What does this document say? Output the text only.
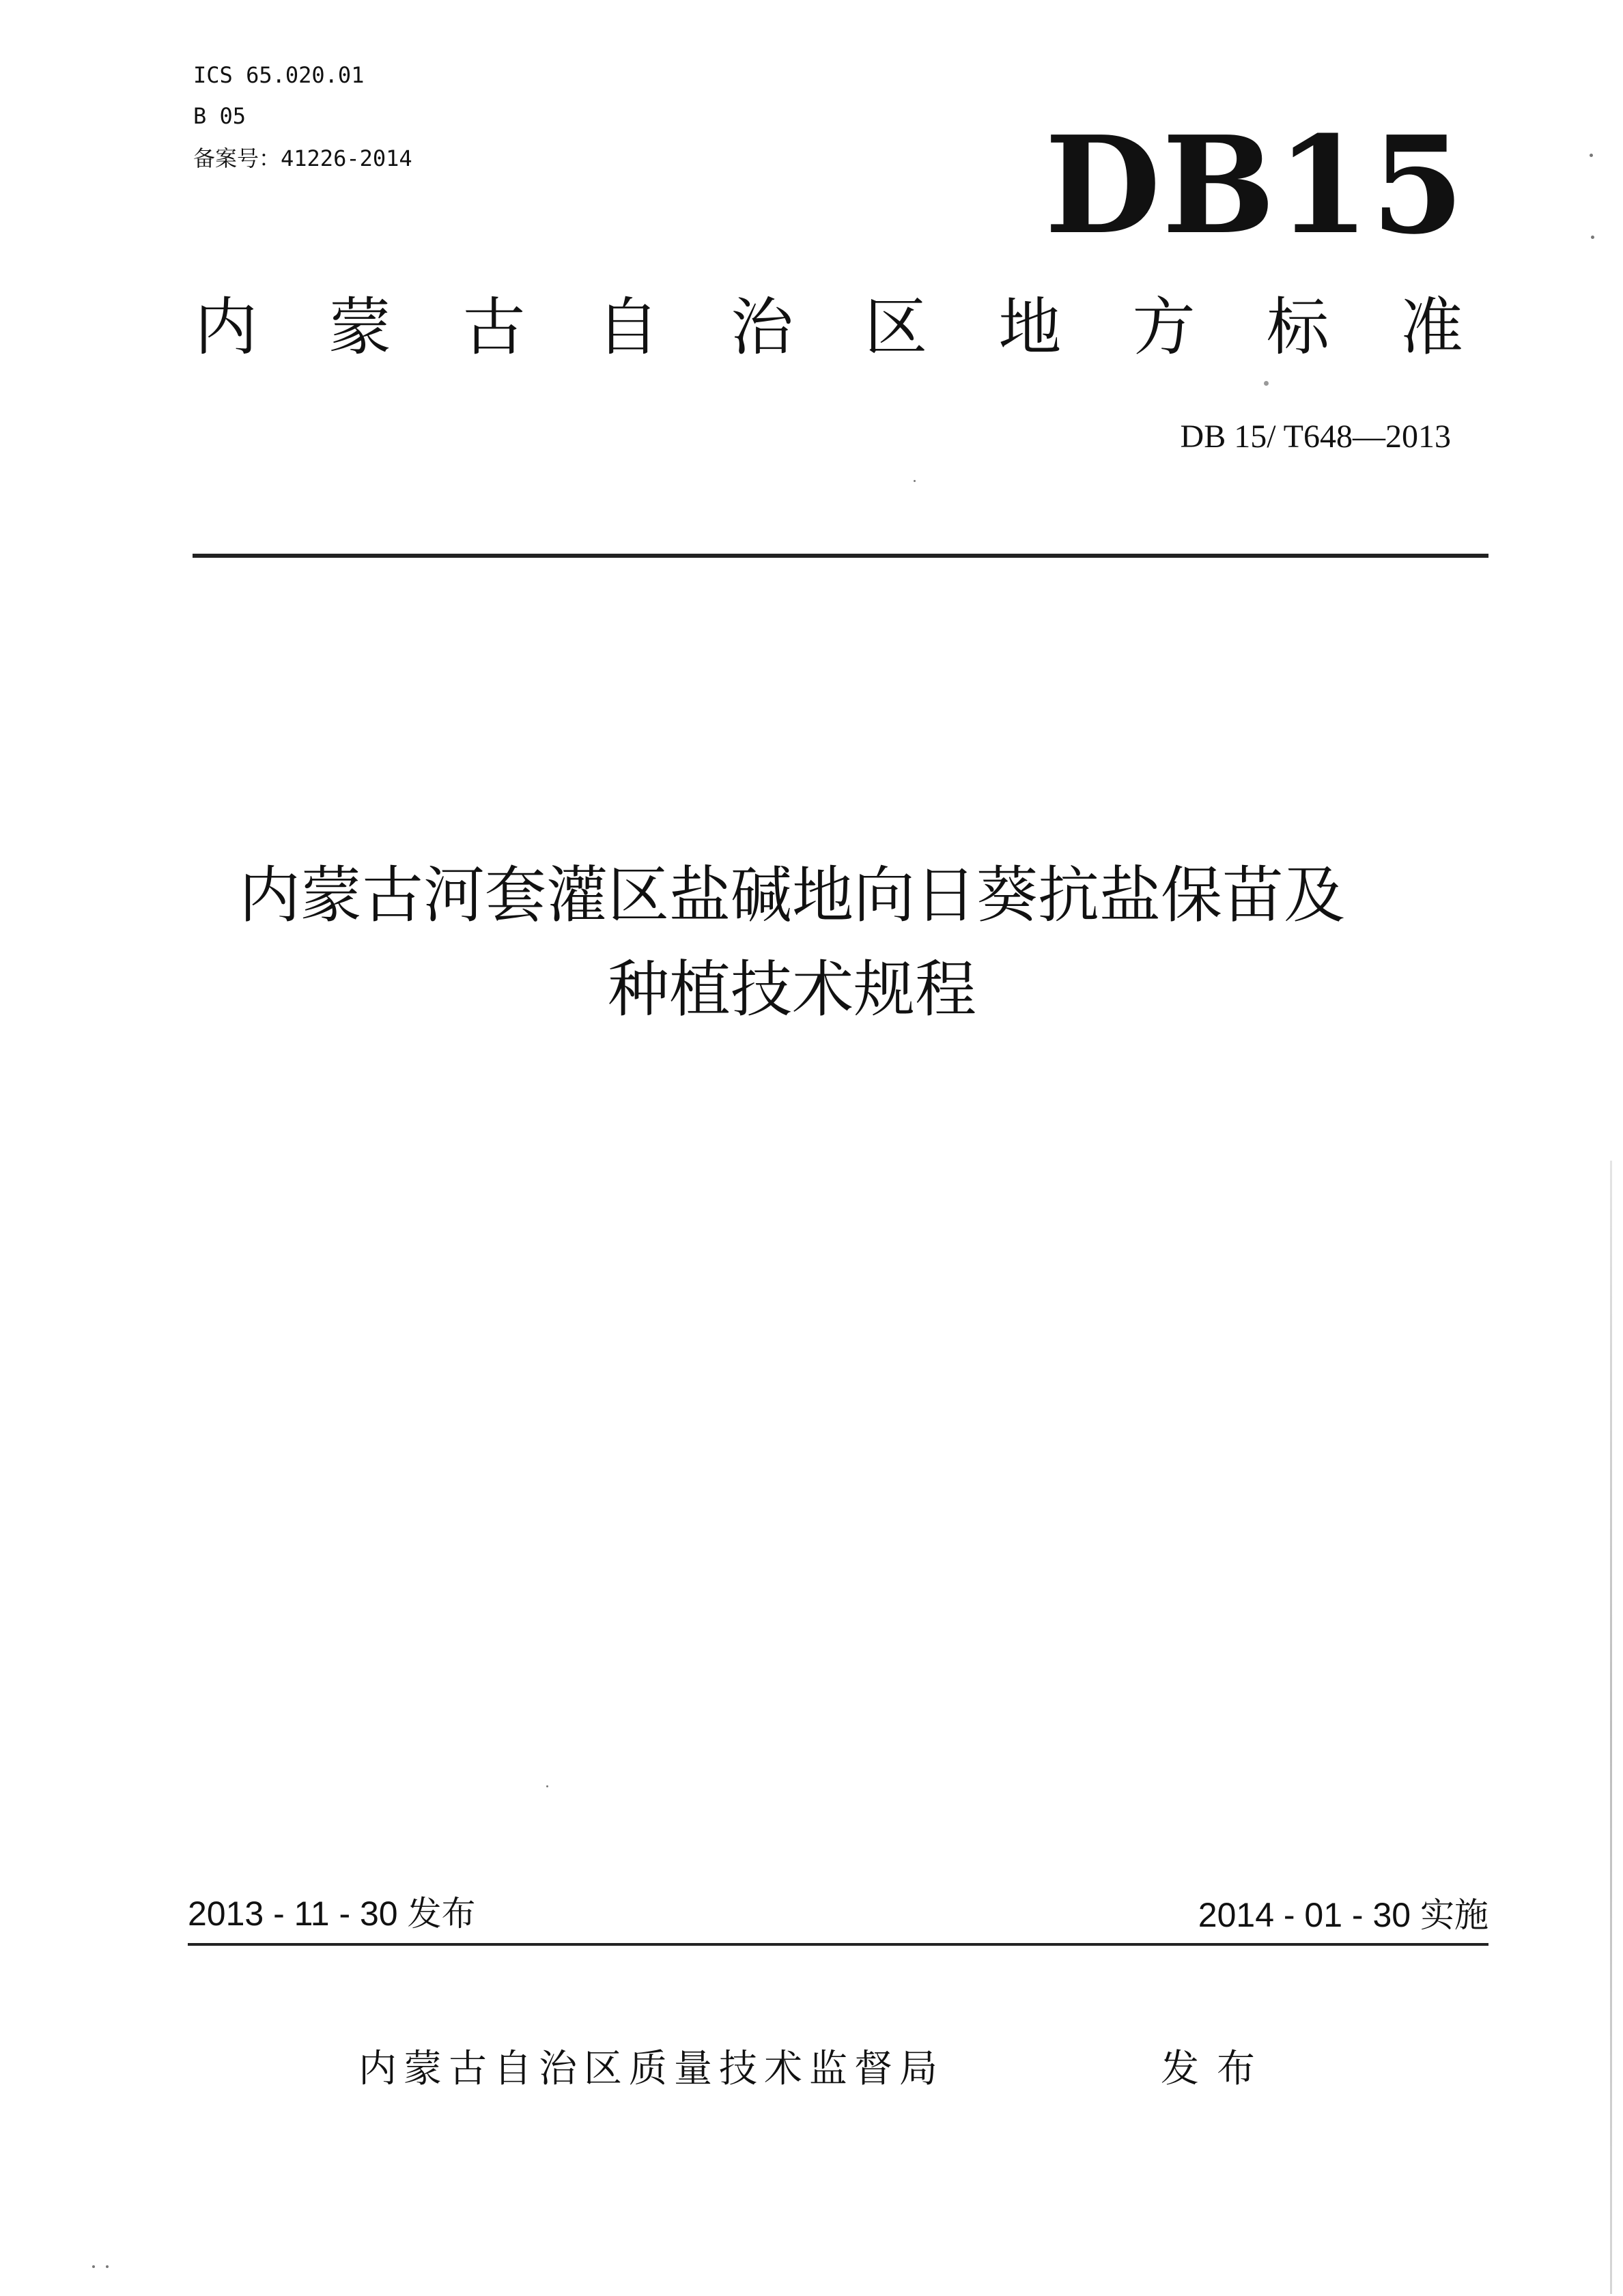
ICS 65.020.01
B 05
备案号：41226-2014	DB15
内 蒙 古 自 治 区 地 方 标 准
DB 15/ T648—2013
内蒙古河套灌区盐碱地向日葵抗盐保苗及
种植技术规程
2013 - 11 - 30 发布	2014 - 01 - 30 实施
内蒙古自治区质量技术监督局	发布
